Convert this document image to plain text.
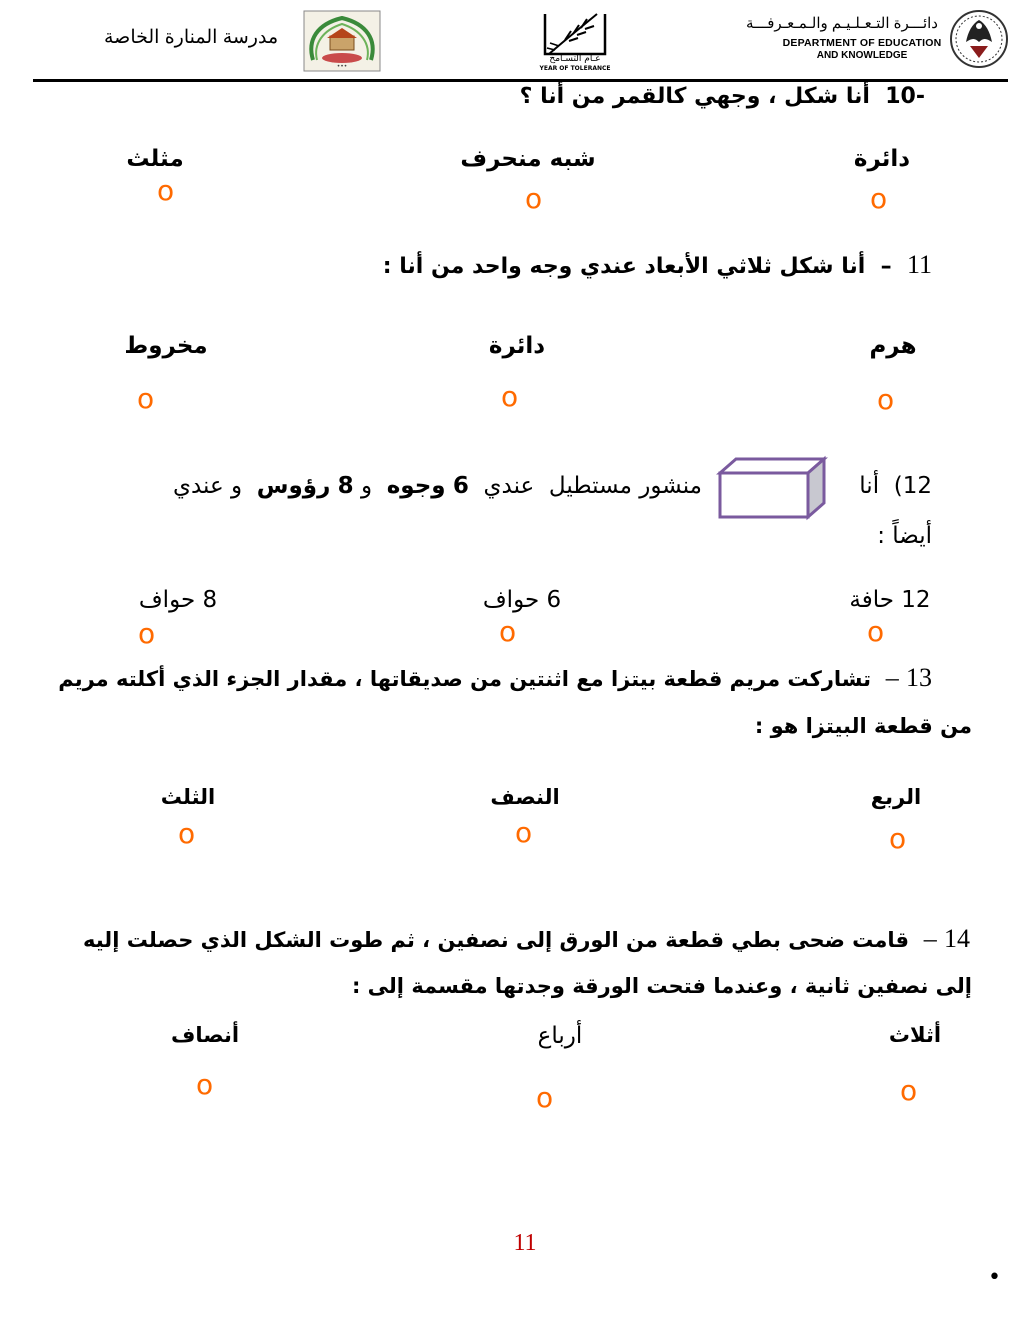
مدرسة المنارة الخاصة
•••
عـام التسـامح
YEAR OF TOLERANCE
دائـــرة التـعـلـيـم والـمـعـرفـــة
DEPARTMENT OF EDUCATION
AND KNOWLEDGE
-10  أنا شكل ، وجهي كالقمر من أنا ؟
دائرة
شبه منحرف
مثلث
o
o
o
11  –  أنا شكل ثلاثي الأبعاد عندي وجه واحد من أنا :
هرم
دائرة
مخروط
o
o
o
12)  أنا
منشور مستطيل  عندي  6 وجوه  و 8 رؤوس  و عندي
أيضاً :
12 حافة
6 حواف
8 حواف
o
o
o
13 –  تشاركت مريم قطعة بيتزا مع اثنتين من صديقاتها ، مقدار الجزء الذي أكلته مريم
من قطعة البيتزا هو :
الربع
النصف
الثلث
o
o
o
14 –  قامت ضحى بطي قطعة من الورق إلى نصفين ، ثم طوت الشكل الذي حصلت إليه
إلى نصفين ثانية ، وعندما فتحت الورقة وجدتها مقسمة إلى :
أثلاث
أرباع
أنصاف
o
o
o
11
•
